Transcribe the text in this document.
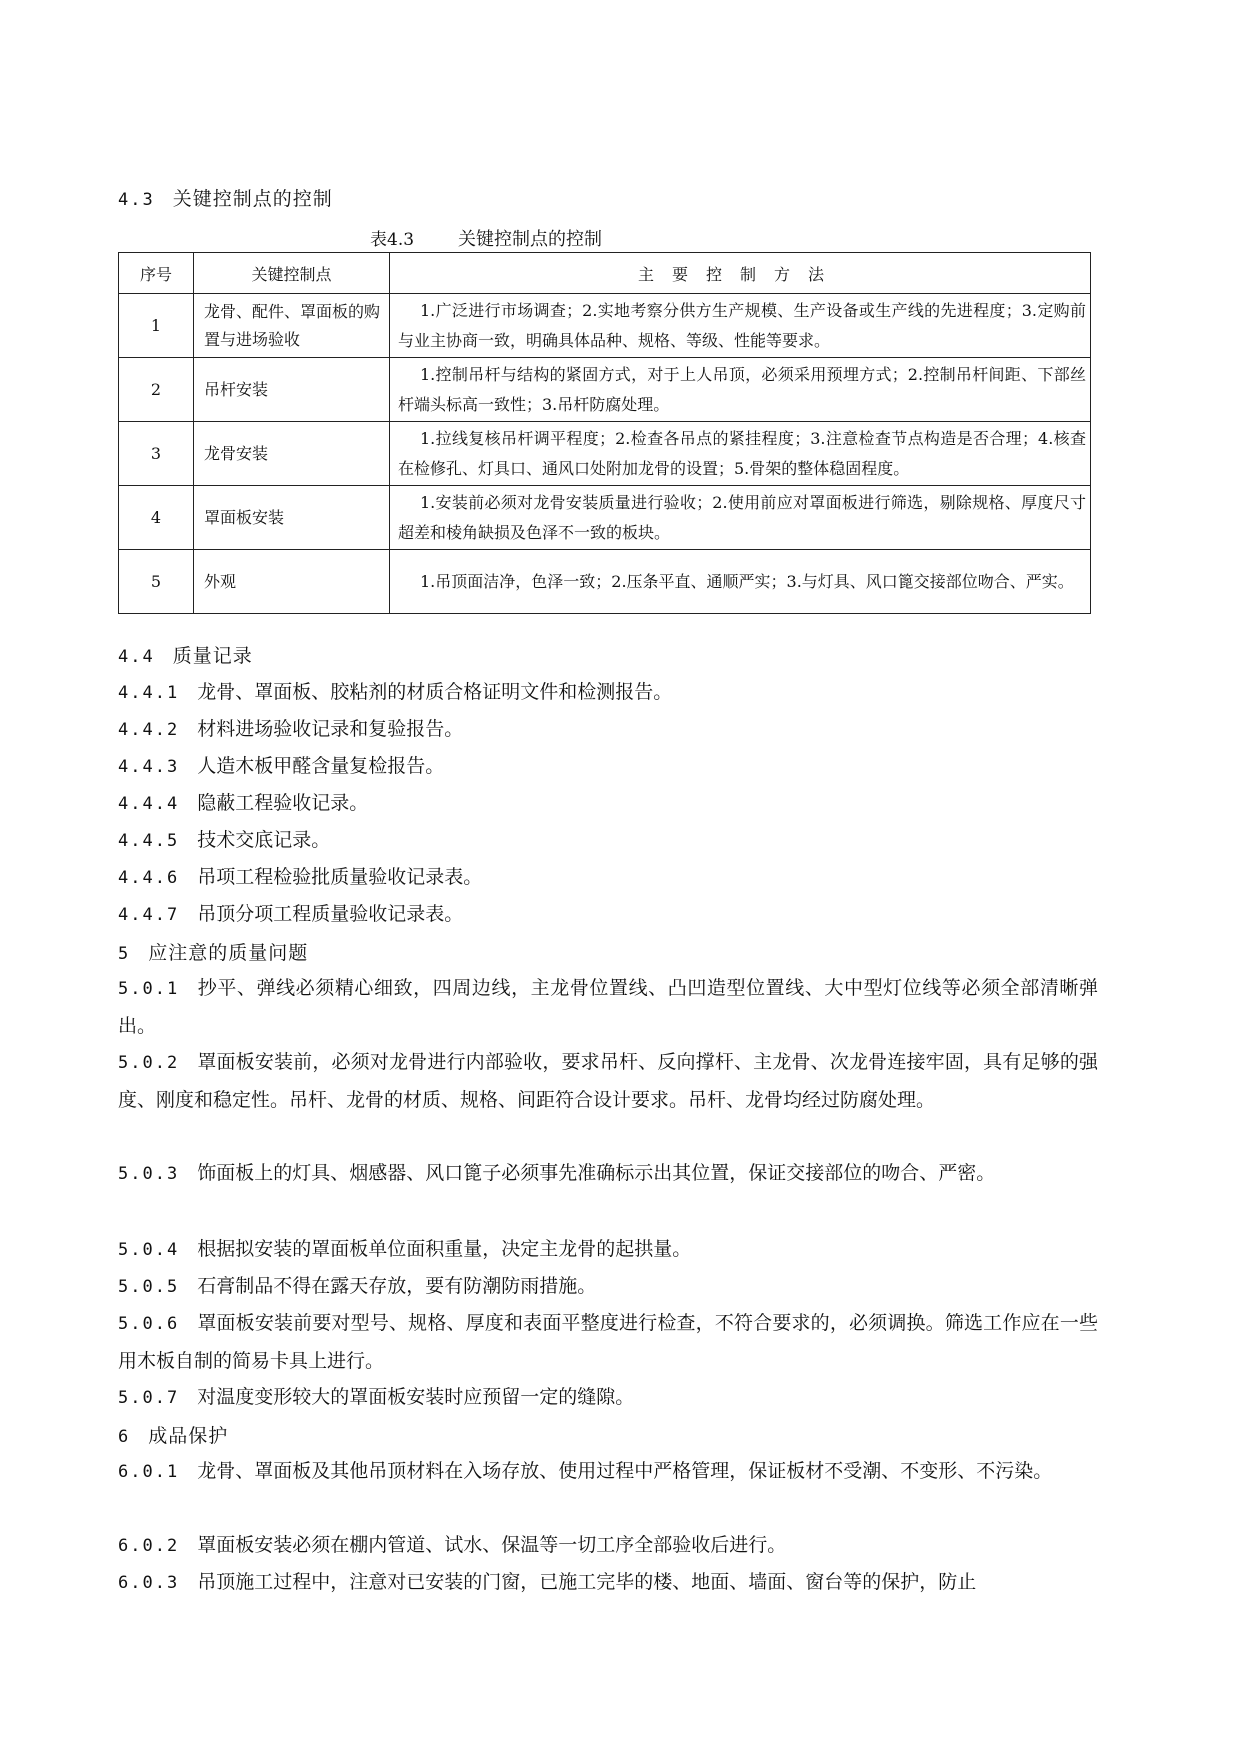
4.3 关键控制点的控制
表4.3 关键控制点的控制
序号	关键控制点	主要控制方法
1	龙骨、配件、罩面板的购置与进场验收	1.广泛进行市场调查；2.实地考察分供方生产规模、生产设备或生产线的先进程度；3.定购前与业主协商一致，明确具体品种、规格、等级、性能等要求。
2	吊杆安装	1.控制吊杆与结构的紧固方式，对于上人吊顶，必须采用预埋方式；2.控制吊杆间距、下部丝杆端头标高一致性；3.吊杆防腐处理。
3	龙骨安装	1.拉线复核吊杆调平程度；2.检查各吊点的紧挂程度；3.注意检查节点构造是否合理；4.核查在检修孔、灯具口、通风口处附加龙骨的设置；5.骨架的整体稳固程度。
4	罩面板安装	1.安装前必须对龙骨安装质量进行验收；2.使用前应对罩面板进行筛选，剔除规格、厚度尺寸超差和棱角缺损及色泽不一致的板块。
5	外观	1.吊顶面洁净，色泽一致；2.压条平直、通顺严实；3.与灯具、风口篦交接部位吻合、严实。
4.4 质量记录
4.4.1 龙骨、罩面板、胶粘剂的材质合格证明文件和检测报告。
4.4.2 材料进场验收记录和复验报告。
4.4.3 人造木板甲醛含量复检报告。
4.4.4 隐蔽工程验收记录。
4.4.5 技术交底记录。
4.4.6 吊项工程检验批质量验收记录表。
4.4.7 吊顶分项工程质量验收记录表。
5 应注意的质量问题
5.0.1 抄平、弹线必须精心细致，四周边线，主龙骨位置线、凸凹造型位置线、大中型灯位线等必须全部清晰弹出。
5.0.2 罩面板安装前，必须对龙骨进行内部验收，要求吊杆、反向撑杆、主龙骨、次龙骨连接牢固，具有足够的强度、刚度和稳定性。吊杆、龙骨的材质、规格、间距符合设计要求。吊杆、龙骨均经过防腐处理。
5.0.3 饰面板上的灯具、烟感器、风口篦子必须事先准确标示出其位置，保证交接部位的吻合、严密。
5.0.4 根据拟安装的罩面板单位面积重量，决定主龙骨的起拱量。
5.0.5 石膏制品不得在露天存放，要有防潮防雨措施。
5.0.6 罩面板安装前要对型号、规格、厚度和表面平整度进行检查，不符合要求的，必须调换。筛选工作应在一些用木板自制的简易卡具上进行。
5.0.7 对温度变形较大的罩面板安装时应预留一定的缝隙。
6 成品保护
6.0.1 龙骨、罩面板及其他吊顶材料在入场存放、使用过程中严格管理，保证板材不受潮、不变形、不污染。
6.0.2 罩面板安装必须在棚内管道、试水、保温等一切工序全部验收后进行。
6.0.3 吊顶施工过程中，注意对已安装的门窗，已施工完毕的楼、地面、墙面、窗台等的保护，防止
